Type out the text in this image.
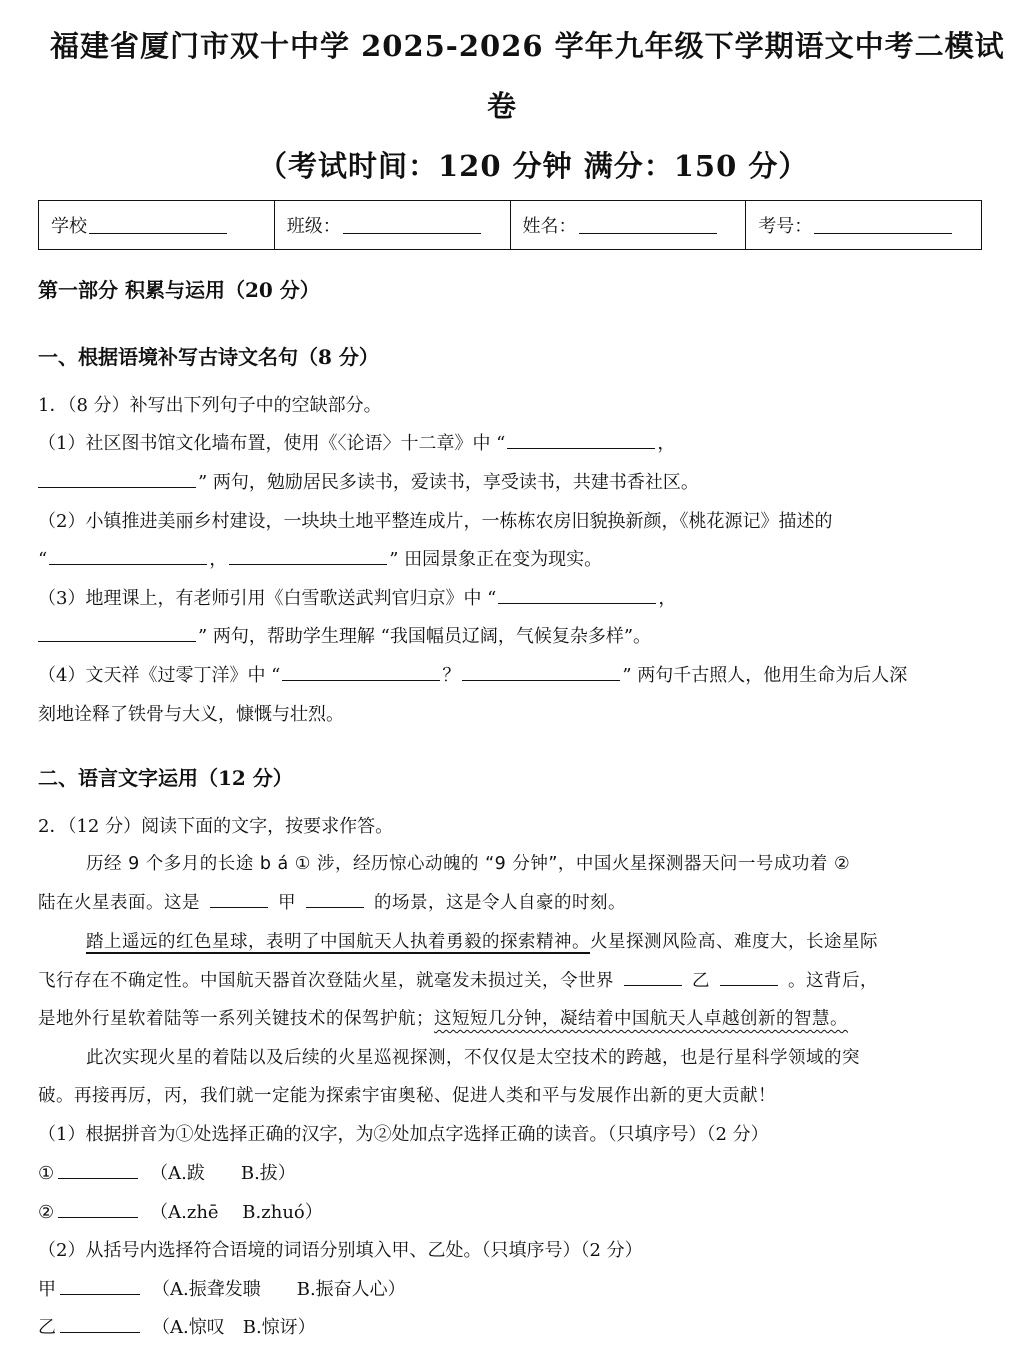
福建省厦门市双十中学 2025-2026 学年九年级下学期语文中考二模试
卷
（考试时间：120 分钟 满分：150 分）
学校	班级：	姓名：	考号：
第一部分 积累与运用（20 分）
一、根据语境补写古诗文名句（8 分）
1．（8 分）补写出下列句子中的空缺部分。
（1）社区图书馆文化墙布置，使用《〈论语〉十二章》中 “	，
” 两句，勉励居民多读书，爱读书，享受读书，共建书香社区。
（2）小镇推进美丽乡村建设，一块块土地平整连成片，一栋栋农房旧貌换新颜，《桃花源记》描述的
“	，	” 田园景象正在变为现实。
（3）地理课上，有老师引用《白雪歌送武判官归京》中 “	，
” 两句，帮助学生理解 “我国幅员辽阔，气候复杂多样”。
（4）文天祥《过零丁洋》中 “	？	” 两句千古照人，他用生命为后人深
刻地诠释了铁骨与大义，慷慨与壮烈。
二、语言文字运用（12 分）
2．（12 分）阅读下面的文字，按要求作答。
历经 9 个多月的长途 b á ① 涉，经历惊心动魄的 “9 分钟”，中国火星探测器天问一号成功着 ②
陆在火星表面。这是	甲	的场景，这是令人自豪的时刻。
踏上遥远的红色星球，表明了中国航天人执着勇毅的探索精神。火星探测风险高、难度大，长途星际
飞行存在不确定性。中国航天器首次登陆火星，就毫发未损过关，令世界	乙	。这背后，
是地外行星软着陆等一系列关键技术的保驾护航；这短短几分钟，凝结着中国航天人卓越创新的智慧。
此次实现火星的着陆以及后续的火星巡视探测，不仅仅是太空技术的跨越，也是行星科学领域的突
破。再接再厉，丙，我们就一定能为探索宇宙奥秘、促进人类和平与发展作出新的更大贡献！
（1）根据拼音为①处选择正确的汉字，为②处加点字选择正确的读音。（只填序号）（2 分）
①	（A.跋　　B.拔）
②	（A.zhē　 B.zhuó）
（2）从括号内选择符合语境的词语分别填入甲、乙处。（只填序号）（2 分）
甲	（A.振聋发聩　　B.振奋人心）
乙	（A.惊叹　B.惊讶）
